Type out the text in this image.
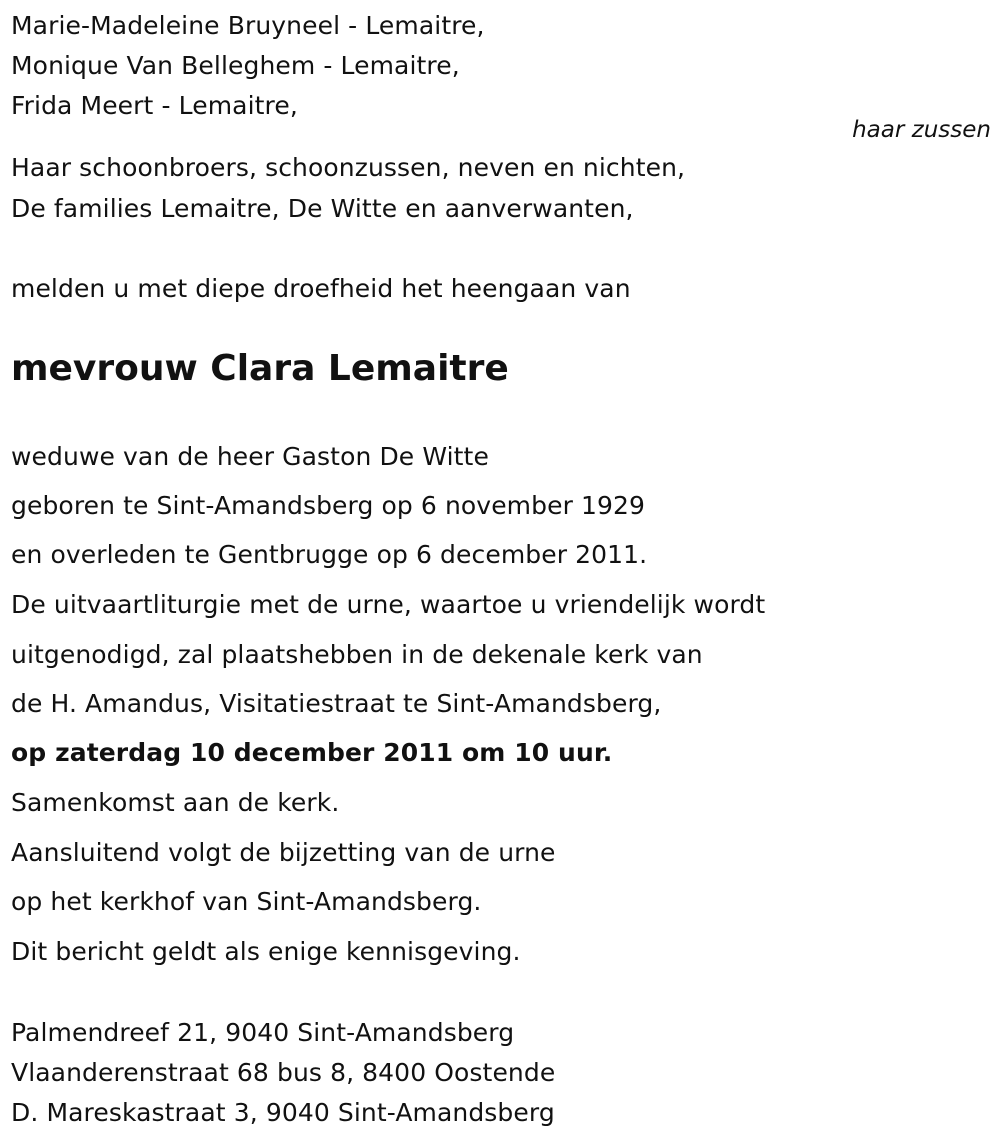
Marie-Madeleine Bruyneel - Lemaitre,
Monique Van Belleghem - Lemaitre,
Frida Meert - Lemaitre,
haar zussen
Haar schoonbroers, schoonzussen, neven en nichten,
De families Lemaitre, De Witte en aanverwanten,
melden u met diepe droefheid het heengaan van
mevrouw Clara Lemaitre
weduwe van de heer Gaston De Witte
geboren te Sint-Amandsberg op 6 november 1929
en overleden te Gentbrugge op 6 december 2011.
De uitvaartliturgie met de urne, waartoe u vriendelijk wordt
uitgenodigd, zal plaatshebben in de dekenale kerk van
de H. Amandus, Visitatiestraat te Sint-Amandsberg,
op zaterdag 10 december 2011 om 10 uur.
Samenkomst aan de kerk.
Aansluitend volgt de bijzetting van de urne
op het kerkhof van Sint-Amandsberg.
Dit bericht geldt als enige kennisgeving.
Palmendreef 21, 9040 Sint-Amandsberg
Vlaanderenstraat 68 bus 8, 8400 Oostende
D. Mareskastraat 3, 9040 Sint-Amandsberg
